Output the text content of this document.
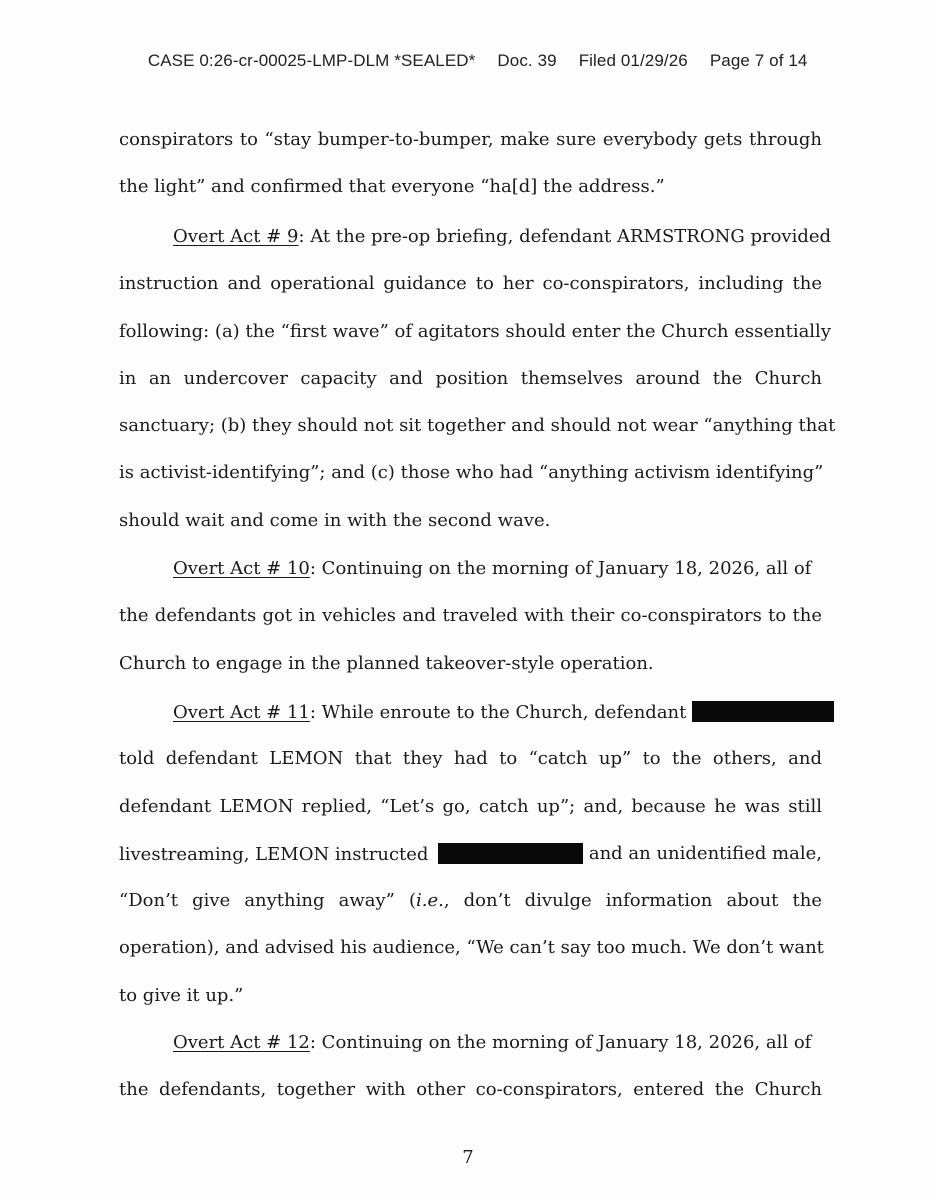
CASE 0:26-cr-00025-LMP-DLM *SEALED* Doc. 39 Filed 01/29/26 Page 7 of 14

conspirators to “stay bumper-to-bumper, make sure everybody gets through
the light” and confirmed that everyone “ha[d] the address.”
Overt Act # 9: At the pre-op briefing, defendant ARMSTRONG provided
instruction and operational guidance to her co-conspirators, including the
following: (a) the “first wave” of agitators should enter the Church essentially
in an undercover capacity and position themselves around the Church
sanctuary; (b) they should not sit together and should not wear “anything that
is activist-identifying”; and (c) those who had “anything activism identifying”
should wait and come in with the second wave.
Overt Act # 10: Continuing on the morning of January 18, 2026, all of
the defendants got in vehicles and traveled with their co-conspirators to the
Church to engage in the planned takeover-style operation.
Overt Act # 11: While enroute to the Church, defendant
told defendant LEMON that they had to “catch up” to the others, and
defendant LEMON replied, “Let’s go, catch up”; and, because he was still
livestreaming, LEMON instructed	and an unidentified male,
“Don’t give anything away” (i.e., don’t divulge information about the
operation), and advised his audience, “We can’t say too much. We don’t want
to give it up.”
Overt Act # 12: Continuing on the morning of January 18, 2026, all of
the defendants, together with other co-conspirators, entered the Church
7
